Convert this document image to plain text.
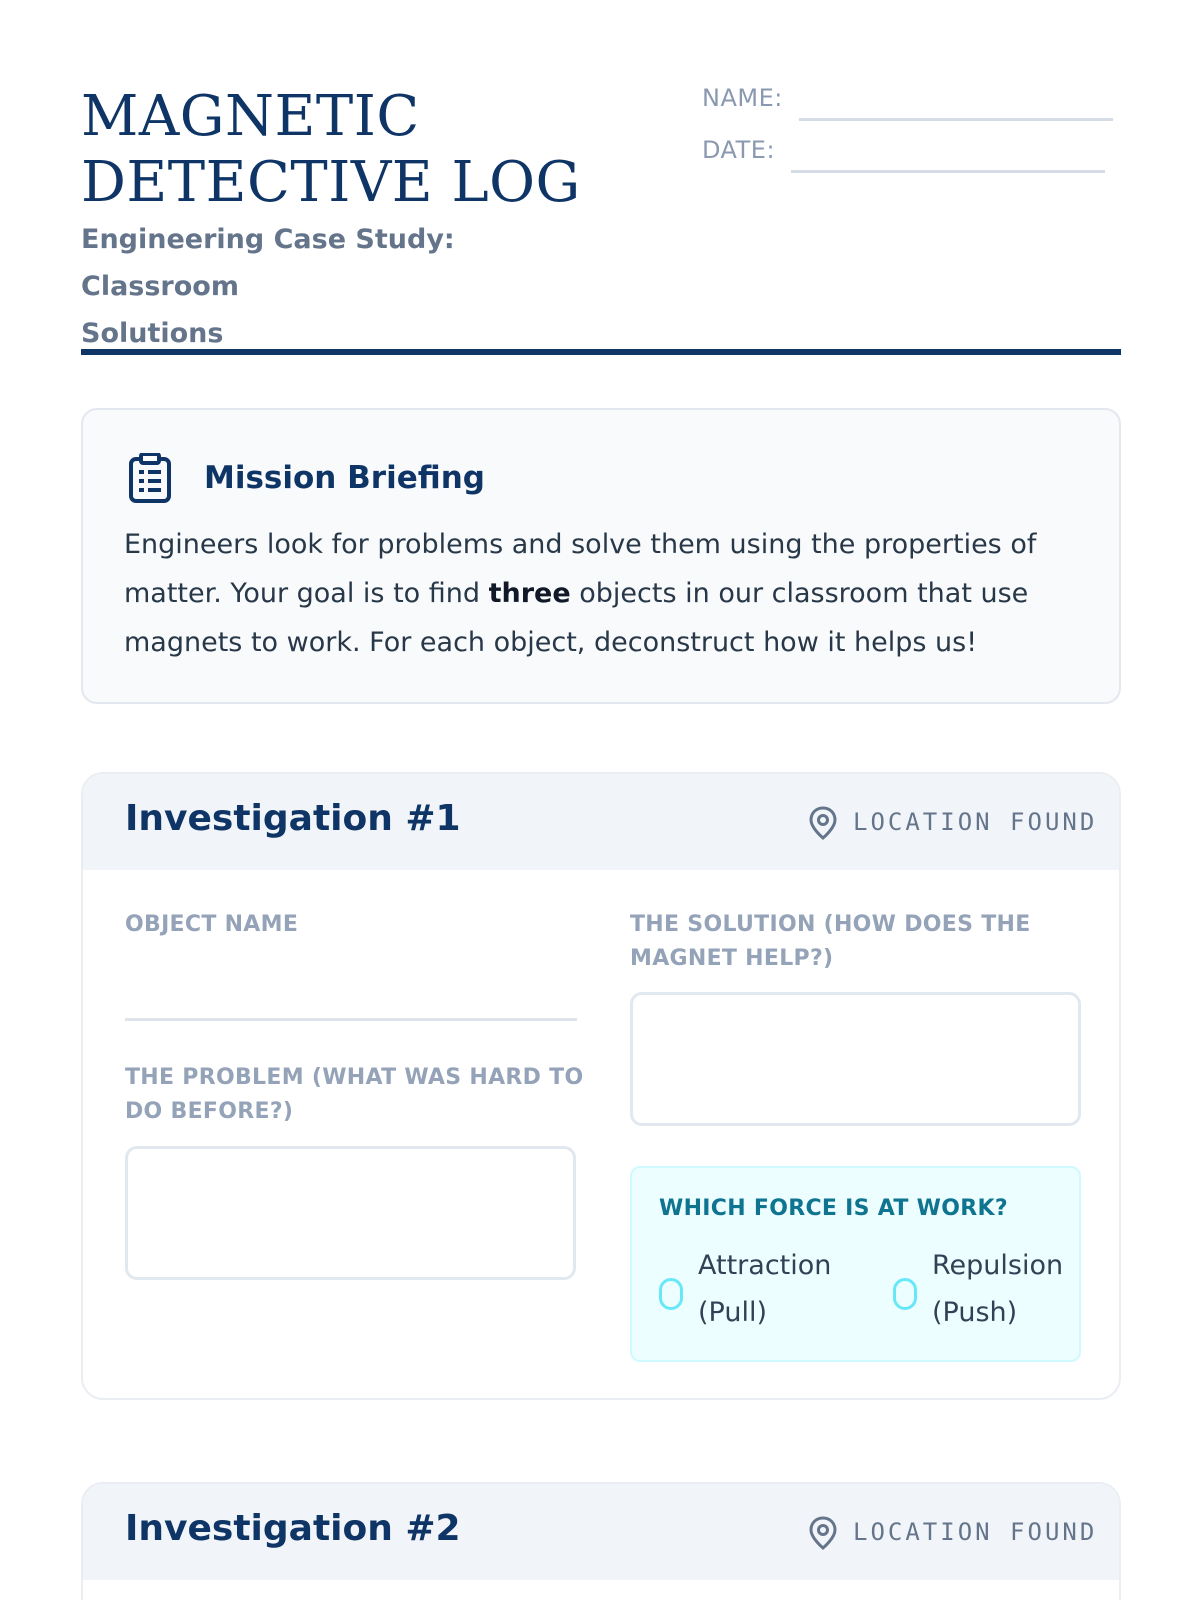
MAGNETIC
DETECTIVE LOG
Engineering Case Study: Classroom
Solutions
NAME:
DATE:
Mission Briefing
Engineers look for problems and solve them using the properties of matter. Your goal is to find three objects in our classroom that use magnets to work. For each object, deconstruct how it helps us!
Investigation #1	LOCATION FOUND
OBJECT NAME
THE PROBLEM (WHAT WAS HARD TO
DO BEFORE?)
THE SOLUTION (HOW DOES THE
MAGNET HELP?)
WHICH FORCE IS AT WORK?
Attraction
(Pull)
Repulsion
(Push)
Investigation #2	LOCATION FOUND
